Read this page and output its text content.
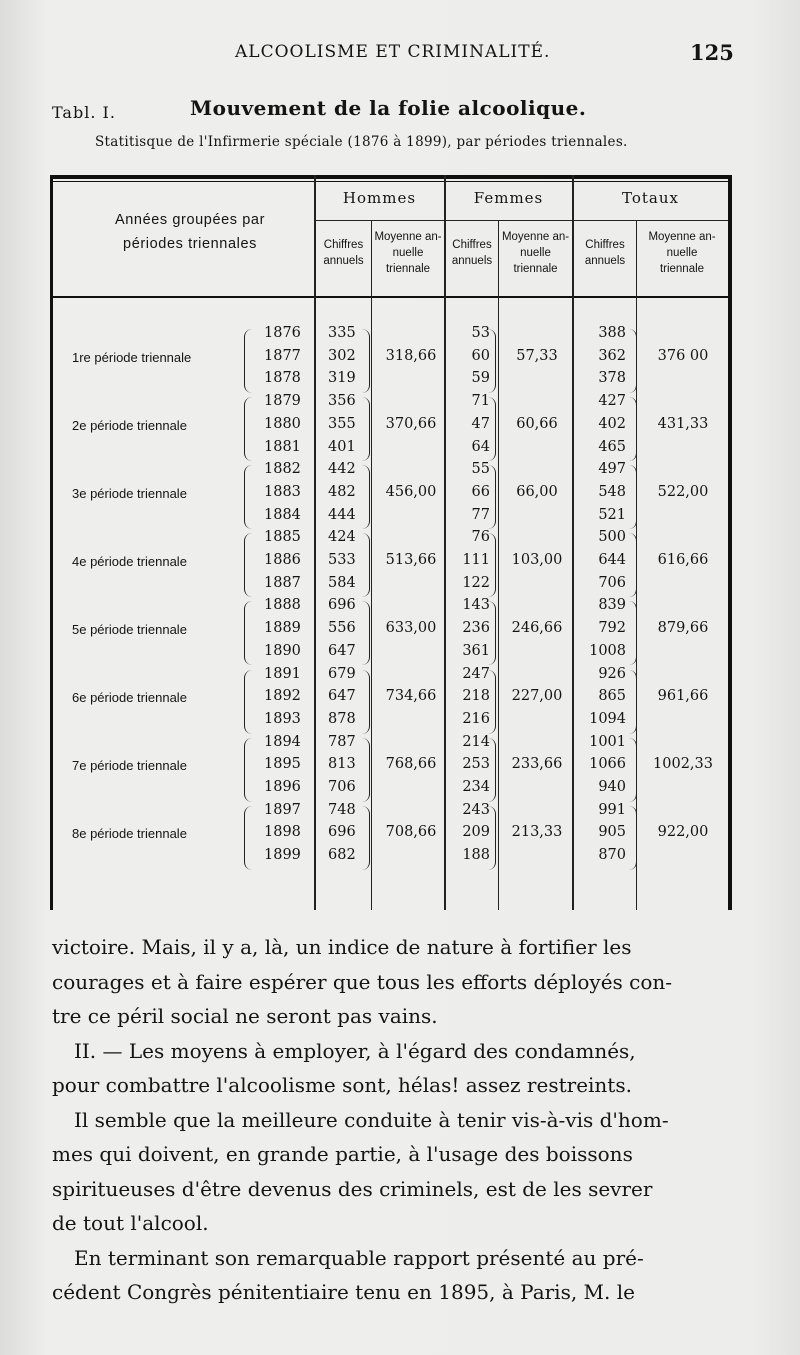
ALCOOLISME ET CRIMINALITÉ.	125
Tabl. I.	Mouvement de la folie alcoolique.
Statitisque de l'Infirmerie spéciale (1876 à 1899), par périodes triennales.
Années groupées par
périodes triennales
Hommes	Femmes	Totaux
Chiffres
annuels
Moyenne an-
nuelle
triennale
Chiffres
annuels
Moyenne an-
nuelle
triennale
Chiffres
annuels
Moyenne an-
nuelle
triennale
1re période triennale
1876 335	53	388
1877 302	60	362
1878 319	59	378
318,66	57,33	376 00
2e période triennale
1879 356	71	427
1880 355	47	402
1881 401	64	465
370,66	60,66	431,33
3e période triennale
1882 442	55	497
1883 482	66	548
1884 444	77	521
456,00	66,00	522,00
4e période triennale
1885 424	76	500
1886 533	111	644
1887 584	122	706
513,66	103,00	616,66
5e période triennale
1888 696	143	839
1889 556	236	792
1890 647	361	1008
633,00	246,66	879,66
6e période triennale
1891 679	247	926
1892 647	218	865
1893 878	216	1094
734,66	227,00	961,66
7e période triennale
1894 787	214	1001
1895 813	253	1066
1896 706	234	940
768,66	233,66	1002,33
8e période triennale
1897 748	243	991
1898 696	209	905
1899 682	188	870
708,66	213,33	922,00
victoire. Mais, il y a, là, un indice de nature à fortifier les
courages et à faire espérer que tous les efforts déployés con-
tre ce péril social ne seront pas vains.
II. — Les moyens à employer, à l'égard des condamnés,
pour combattre l'alcoolisme sont, hélas! assez restreints.
Il semble que la meilleure conduite à tenir vis-à-vis d'hom-
mes qui doivent, en grande partie, à l'usage des boissons
spiritueuses d'être devenus des criminels, est de les sevrer
de tout l'alcool.
En terminant son remarquable rapport présenté au pré-
cédent Congrès pénitentiaire tenu en 1895, à Paris, M. le
